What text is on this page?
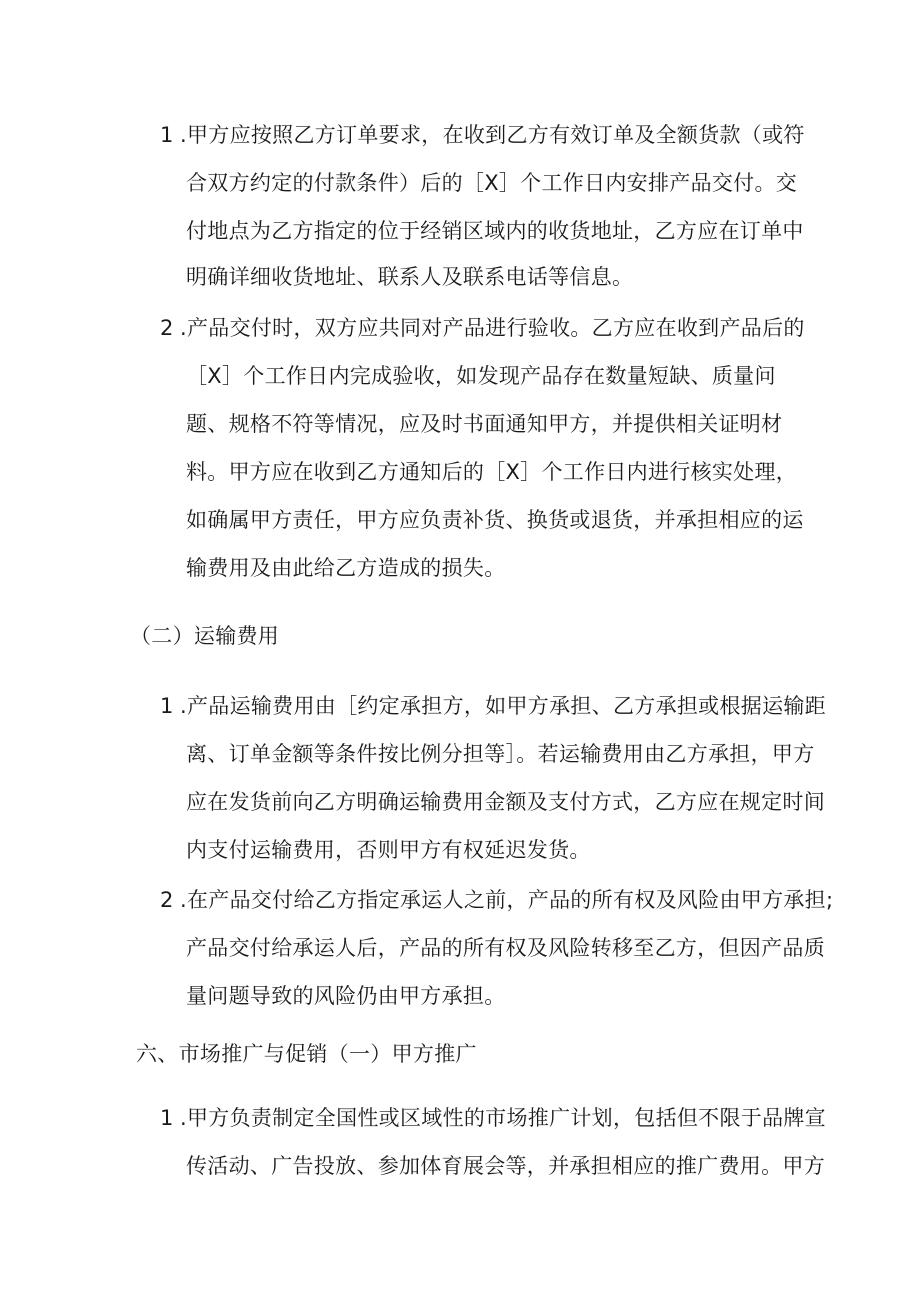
1 .甲方应按照乙方订单要求，在收到乙方有效订单及全额货款（或符
合双方约定的付款条件）后的［X］个工作日内安排产品交付。交
付地点为乙方指定的位于经销区域内的收货地址，乙方应在订单中
明确详细收货地址、联系人及联系电话等信息。
2 .产品交付时，双方应共同对产品进行验收。乙方应在收到产品后的
［X］个工作日内完成验收，如发现产品存在数量短缺、质量问
题、规格不符等情况，应及时书面通知甲方，并提供相关证明材
料。甲方应在收到乙方通知后的［X］个工作日内进行核实处理，
如确属甲方责任，甲方应负责补货、换货或退货，并承担相应的运
输费用及由此给乙方造成的损失。
（二）运输费用
1 .产品运输费用由［约定承担方，如甲方承担、乙方承担或根据运输距
离、订单金额等条件按比例分担等］。若运输费用由乙方承担，甲方
应在发货前向乙方明确运输费用金额及支付方式，乙方应在规定时间
内支付运输费用，否则甲方有权延迟发货。
2 .在产品交付给乙方指定承运人之前，产品的所有权及风险由甲方承担;
产品交付给承运人后，产品的所有权及风险转移至乙方，但因产品质
量问题导致的风险仍由甲方承担。
六、市场推广与促销（一）甲方推广
1 .甲方负责制定全国性或区域性的市场推广计划，包括但不限于品牌宣
传活动、广告投放、参加体育展会等，并承担相应的推广费用。甲方
